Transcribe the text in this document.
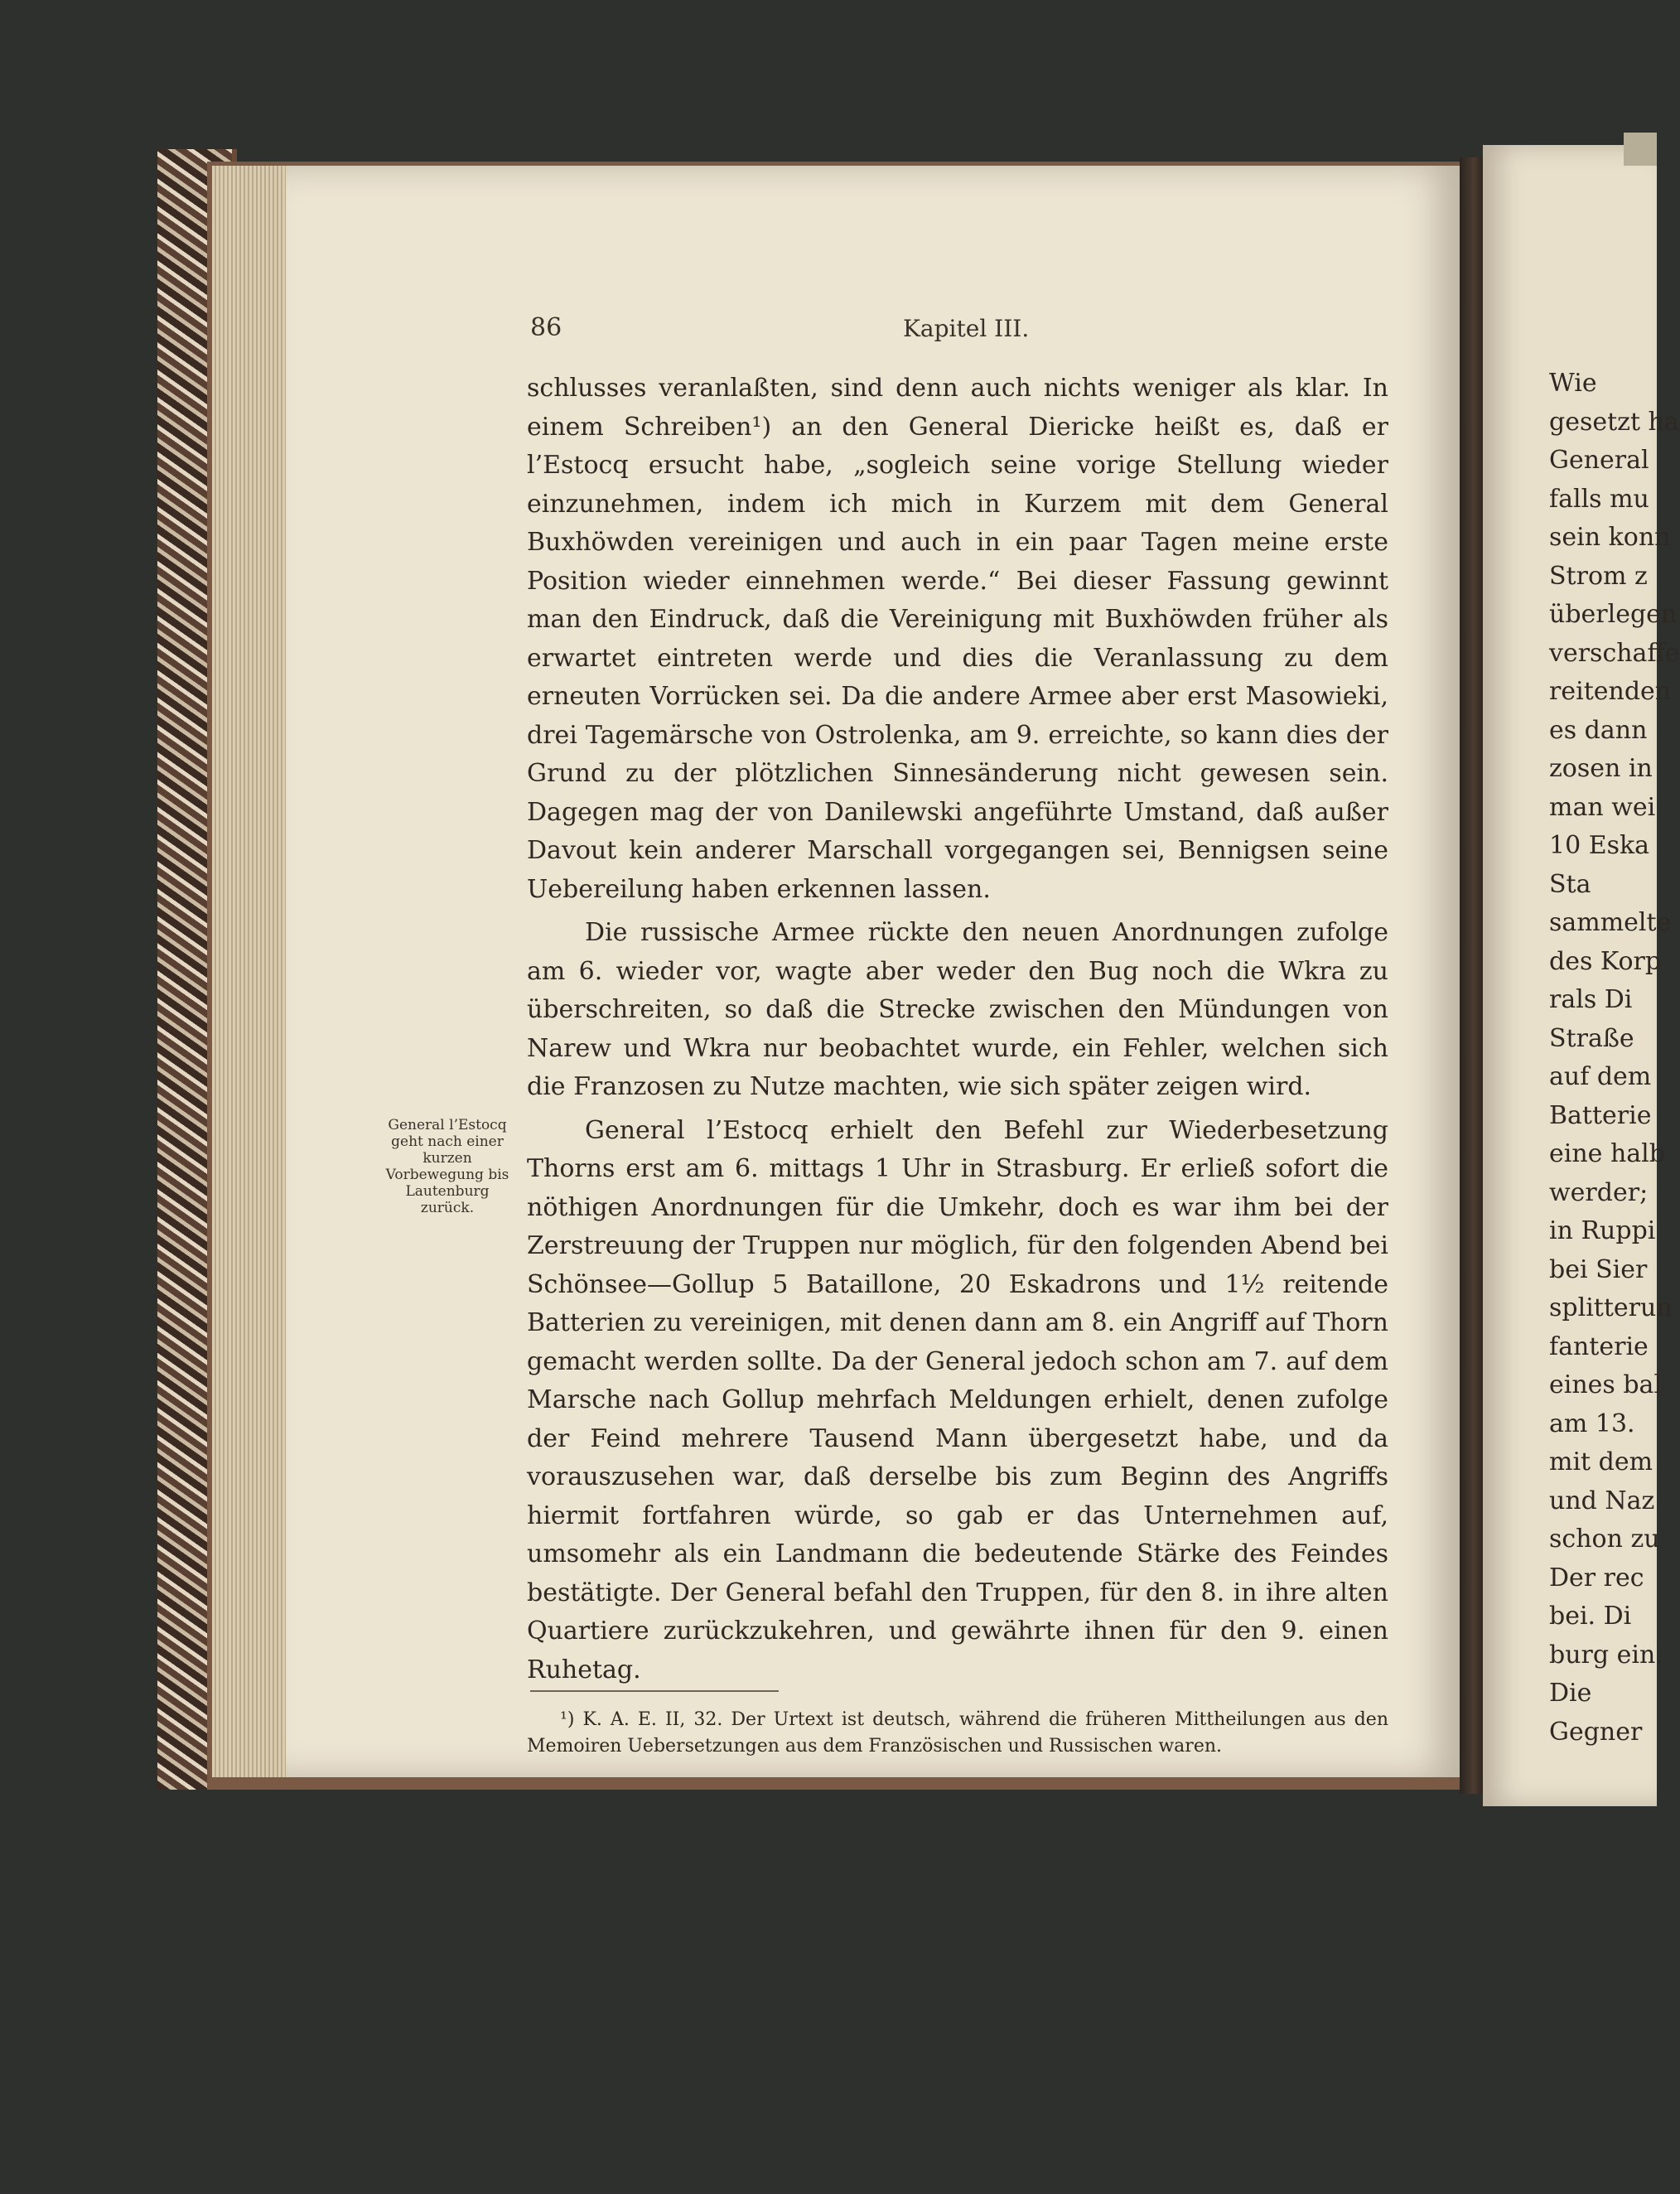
86	Kapitel III.
General l’Estocq geht nach einer kurzen Vorbewegung bis Lautenburg zurück.

schlusses veranlaßten, sind denn auch nichts weniger als klar. In einem Schreiben¹) an den General Diericke heißt es, daß er l’Estocq ersucht habe, „sogleich seine vorige Stellung wieder einzunehmen, indem ich mich in Kurzem mit dem General Buxhöwden vereinigen und auch in ein paar Tagen meine erste Position wieder einnehmen werde.“ Bei dieser Fassung gewinnt man den Eindruck, daß die Vereinigung mit Buxhöwden früher als erwartet eintreten werde und dies die Veranlassung zu dem erneuten Vorrücken sei. Da die andere Armee aber erst Masowieki, drei Tagemärsche von Ostrolenka, am 9. erreichte, so kann dies der Grund zu der plötzlichen Sinnesänderung nicht gewesen sein. Dagegen mag der von Danilewski angeführte Umstand, daß außer Davout kein anderer Marschall vorgegangen sei, Bennigsen seine Uebereilung haben erkennen lassen.

Die russische Armee rückte den neuen Anordnungen zufolge am 6. wieder vor, wagte aber weder den Bug noch die Wkra zu überschreiten, so daß die Strecke zwischen den Mündungen von Narew und Wkra nur beobachtet wurde, ein Fehler, welchen sich die Franzosen zu Nutze machten, wie sich später zeigen wird.

General l’Estocq erhielt den Befehl zur Wiederbesetzung Thorns erst am 6. mittags 1 Uhr in Strasburg. Er erließ sofort die nöthigen Anordnungen für die Umkehr, doch es war ihm bei der Zerstreuung der Truppen nur möglich, für den folgenden Abend bei Schönsee—Gollup 5 Bataillone, 20 Eskadrons und 1½ reitende Batterien zu vereinigen, mit denen dann am 8. ein Angriff auf Thorn gemacht werden sollte. Da der General jedoch schon am 7. auf dem Marsche nach Gollup mehrfach Meldungen erhielt, denen zufolge der Feind mehrere Tausend Mann übergesetzt habe, und da vorauszusehen war, daß derselbe bis zum Beginn des Angriffs hiermit fortfahren würde, so gab er das Unternehmen auf, umsomehr als ein Landmann die bedeutende Stärke des Feindes bestätigte. Der General befahl den Truppen, für den 8. in ihre alten Quartiere zurückzukehren, und gewährte ihnen für den 9. einen Ruhetag.

¹) K. A. E. II, 32. Der Urtext ist deutsch, während die früheren Mittheilungen aus den Memoiren Uebersetzungen aus dem Französischen und Russischen waren.

Wie
gesetzt ha
General
falls mu
sein konn
Strom z
überlegen
verschaffe
reitenden
es dann
zosen in
man wei
10 Eska
Sta
sammelte
des Korp
rals Di
Straße
auf dem
Batterie
eine halb
werder;
in Ruppi
bei Sier
splitterun
fanterie
eines bal
am 13.
mit dem
und Naz
schon zu
Der rec
bei. Di
burg ein.
Die
Gegner
